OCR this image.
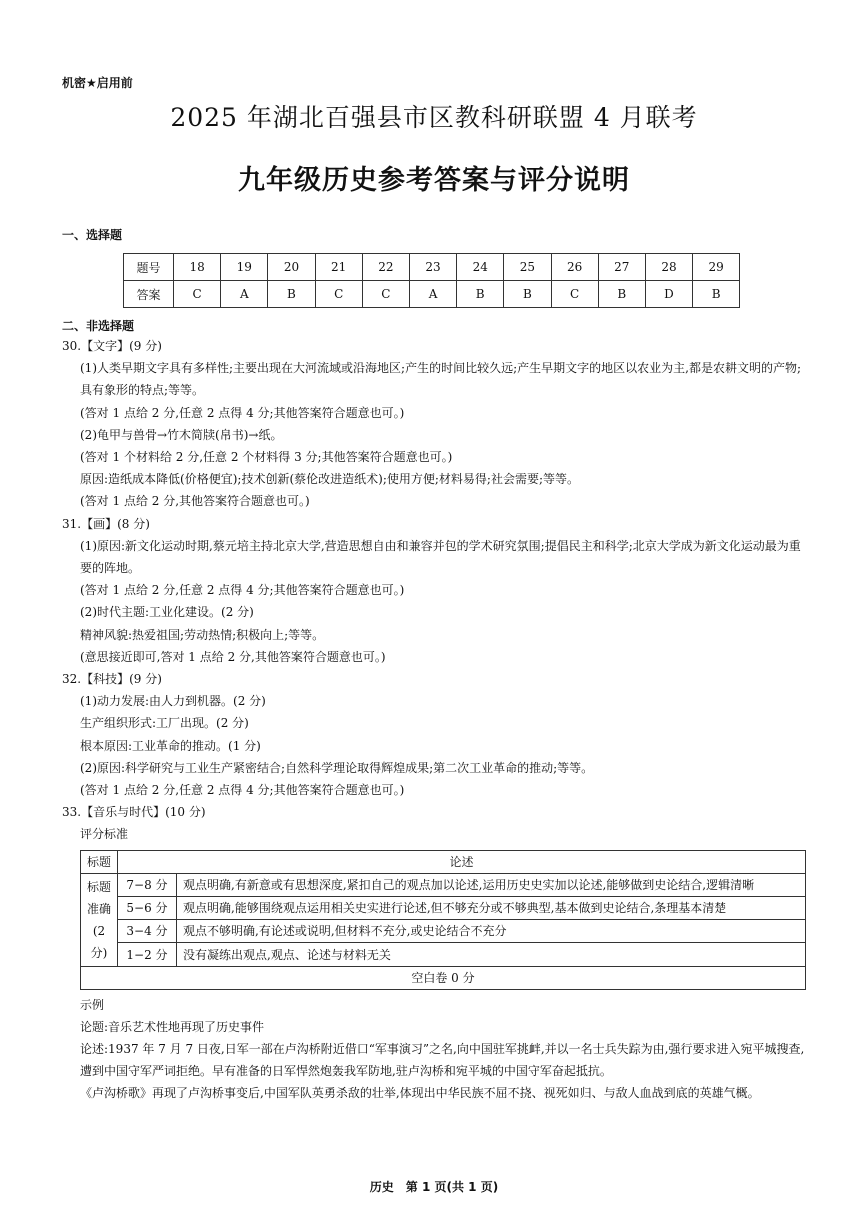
机密★启用前
2025 年湖北百强县市区教科研联盟 4 月联考
九年级历史参考答案与评分说明
一、选择题
题号	18	19	20	21	22	23	24	25	26	27	28	29
答案	C	A	B	C	C	A	B	B	C	B	D	B
二、非选择题

30.【文字】(9 分)

(1)人类早期文字具有多样性;主要出现在大河流域或沿海地区;产生的时间比较久远;产生早期文字的地区以农业为主,都是农耕文明的产物;具有象形的特点;等等。

(答对 1 点给 2 分,任意 2 点得 4 分;其他答案符合题意也可。)

(2)龟甲与兽骨→竹木简牍(帛书)→纸。

(答对 1 个材料给 2 分,任意 2 个材料得 3 分;其他答案符合题意也可。)

原因:造纸成本降低(价格便宜);技术创新(蔡伦改进造纸术);使用方便;材料易得;社会需要;等等。

(答对 1 点给 2 分,其他答案符合题意也可。)

31.【画】(8 分)

(1)原因:新文化运动时期,蔡元培主持北京大学,营造思想自由和兼容并包的学术研究氛围;提倡民主和科学;北京大学成为新文化运动最为重要的阵地。

(答对 1 点给 2 分,任意 2 点得 4 分;其他答案符合题意也可。)

(2)时代主题:工业化建设。(2 分)

精神风貌:热爱祖国;劳动热情;积极向上;等等。

(意思接近即可,答对 1 点给 2 分,其他答案符合题意也可。)

32.【科技】(9 分)

(1)动力发展:由人力到机器。(2 分)

生产组织形式:工厂出现。(2 分)

根本原因:工业革命的推动。(1 分)

(2)原因:科学研究与工业生产紧密结合;自然科学理论取得辉煌成果;第二次工业革命的推动;等等。

(答对 1 点给 2 分,任意 2 点得 4 分;其他答案符合题意也可。)

33.【音乐与时代】(10 分)

评分标准

标题	论述	
标题准确(2 分)	7−8 分	观点明确,有新意或有思想深度,紧扣自己的观点加以论述,运用历史史实加以论述,能够做到史论结合,逻辑清晰
	5−6 分	观点明确,能够围绕观点运用相关史实进行论述,但不够充分或不够典型,基本做到史论结合,条理基本清楚
	3−4 分	观点不够明确,有论述或说明,但材料不充分,或史论结合不充分
	1−2 分	没有凝练出观点,观点、论述与材料无关
空白卷 0 分		

示例

论题:音乐艺术性地再现了历史事件

论述:1937 年 7 月 7 日夜,日军一部在卢沟桥附近借口“军事演习”之名,向中国驻军挑衅,并以一名士兵失踪为由,强行要求进入宛平城搜查,遭到中国守军严词拒绝。早有准备的日军悍然炮轰我军防地,驻卢沟桥和宛平城的中国守军奋起抵抗。

《卢沟桥歌》再现了卢沟桥事变后,中国军队英勇杀敌的壮举,体现出中华民族不屈不挠、视死如归、与敌人血战到底的英雄气概。

历史　第 1 页(共 1 页)
